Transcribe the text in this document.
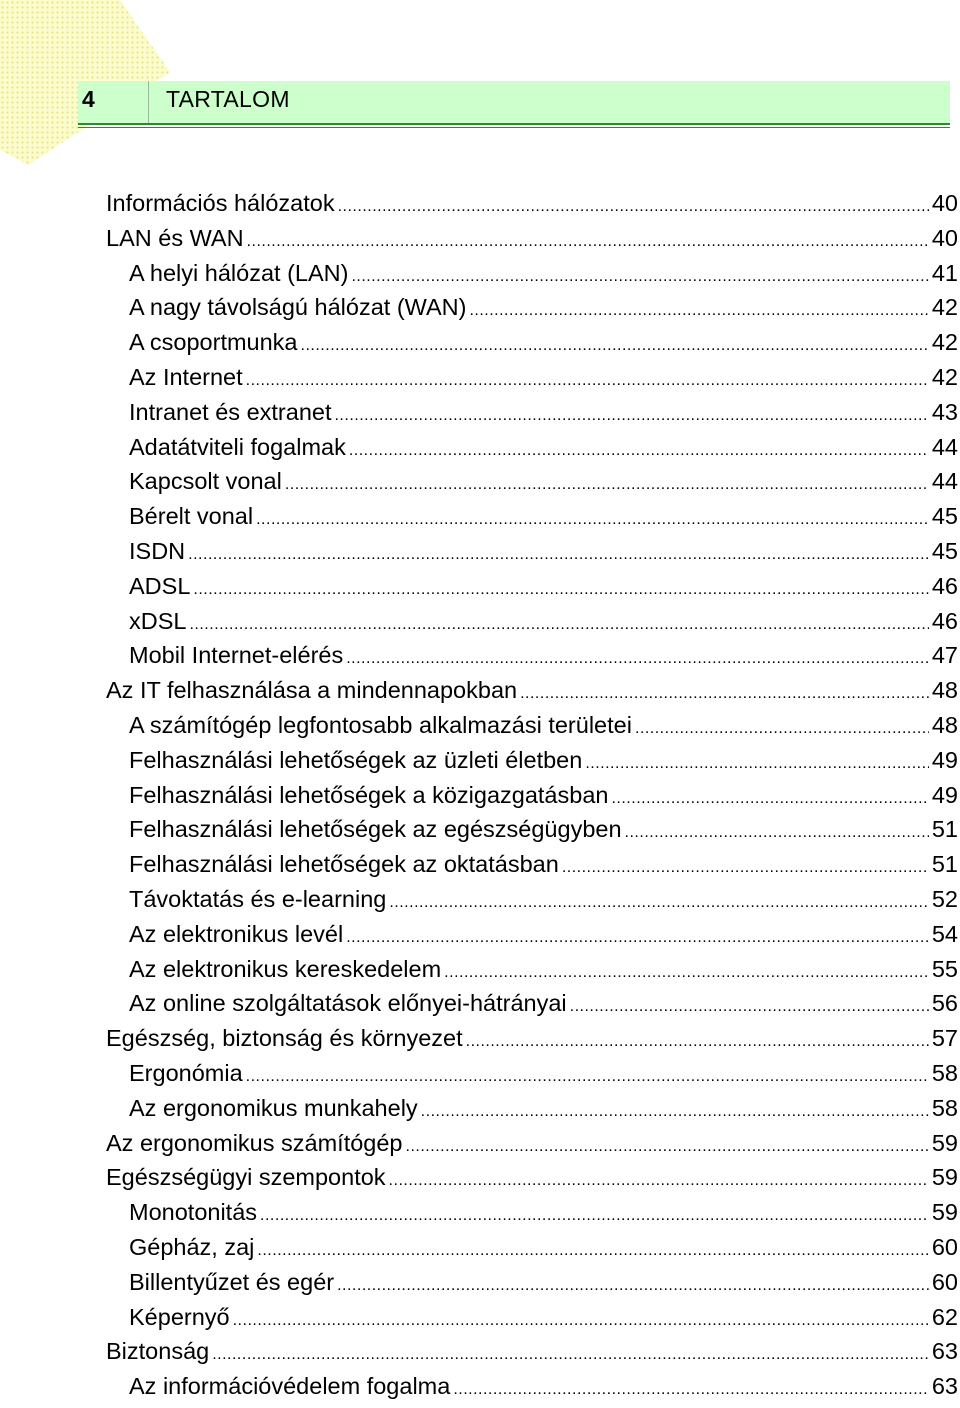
4	TARTALOM
Információs hálózatok .....	40
LAN és WAN .....	40
A helyi hálózat (LAN) .....	41
A nagy távolságú hálózat (WAN) .....	42
A csoportmunka .....	42
Az Internet .....	42
Intranet és extranet .....	43
Adatátviteli fogalmak .....	44
Kapcsolt vonal .....	44
Bérelt vonal .....	45
ISDN .....	45
ADSL .....	46
xDSL .....	46
Mobil Internet-elérés .....	47
Az IT felhasználása a mindennapokban .....	48
A számítógép legfontosabb alkalmazási területei .....	48
Felhasználási lehetőségek az üzleti életben .....	49
Felhasználási lehetőségek a közigazgatásban .....	49
Felhasználási lehetőségek az egészségügyben .....	51
Felhasználási lehetőségek az oktatásban .....	51
Távoktatás és e-learning .....	52
Az elektronikus levél .....	54
Az elektronikus kereskedelem .....	55
Az online szolgáltatások előnyei-hátrányai .....	56
Egészség, biztonság és környezet .....	57
Ergonómia .....	58
Az ergonomikus munkahely .....	58
Az ergonomikus számítógép .....	59
Egészségügyi szempontok .....	59
Monotonitás .....	59
Gépház, zaj .....	60
Billentyűzet és egér .....	60
Képernyő .....	62
Biztonság .....	63
Az információvédelem fogalma .....	63
